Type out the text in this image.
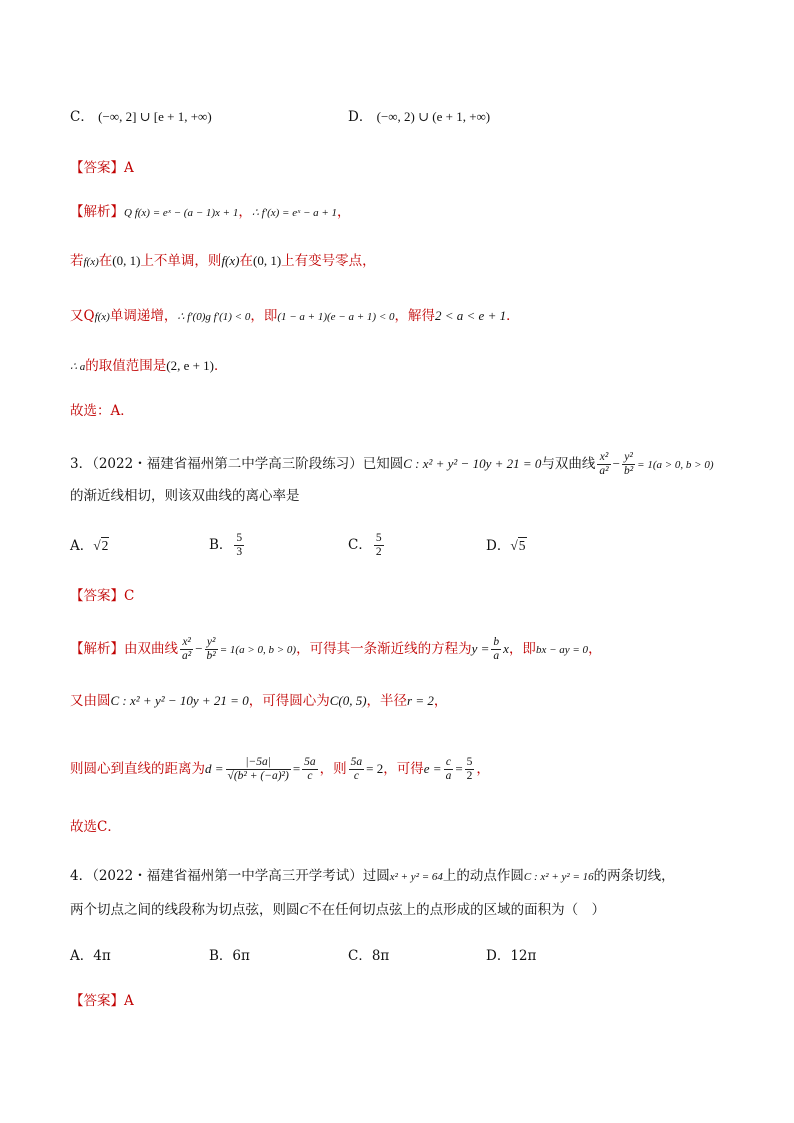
C． (−∞, 2] ∪ [e + 1, +∞)	D． (−∞, 2) ∪ (e + 1, +∞)
【答案】A
【解析】Q f(x) = eˣ − (a − 1)x + 1，∴ f′(x) = eˣ − a + 1，
若f(x)在(0, 1)上不单调，则f(x)在(0, 1)上有变号零点，
又Qf(x)单调递增，∴ f′(0)g f′(1) < 0，即(1 − a + 1)(e − a + 1) < 0，解得2 < a < e + 1．
∴ a的取值范围是(2, e + 1)．
故选：A．
3．（2022・福建省福州第二中学高三阶段练习）已知圆C : x² + y² − 10y + 21 = 0与双曲线 $\frac{\text{x²}}{\text{a²}} - \frac{\text{y²}}{\text{b²}} = 1(a > 0$, b > 0)
的渐近线相切，则该双曲线的离心率是
A．√2	B． $\frac{5}{3}$	C． $\frac{5}{2}$	D．√5
【答案】C
【解析】由双曲线 $\frac{\text{x²}}{\text{a²}} - \frac{\text{y²}}{\text{b²}} = 1(a > 0$, b > 0)，可得其一条渐近线的方程为$y = \frac{b}{a}$ x，即bx − ay = 0，
又由圆C : x² + y² − 10y + 21 = 0，可得圆心为C(0, 5)，半径r = 2，
则圆心到直线的距离为$d = \frac{|-5a|}{\text{√(b² + (−a)²)}} = \frac{5a}{c}$ ，则 $\frac{5a}{c} = 2$，可得$e = \frac{c}{a} = \frac{5}{2}$ ，
故选C．
4．（2022・福建省福州第一中学高三开学考试）过圆x² + y² = 64上的动点作圆C : x² + y² = 16的两条切线，
两个切点之间的线段称为切点弦，则圆C不在任何切点弦上的点形成的区域的面积为（　）
A．4π	B．6π	C．8π	D．12π
【答案】A
